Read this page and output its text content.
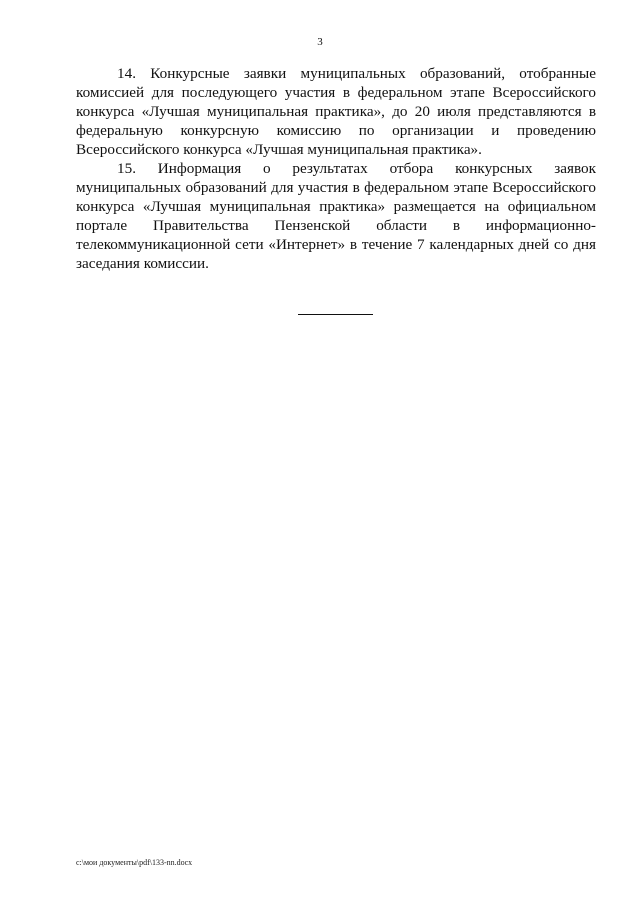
3

14. Конкурсные заявки муниципальных образований, отобранные комиссией для последующего участия в федеральном этапе Всероссийского конкурса «Лучшая муниципальная практика», до 20 июля представляются в федеральную конкурсную комиссию по организации и проведению Всероссийского конкурса «Лучшая муниципальная практика».

15. Информация о результатах отбора конкурсных заявок муниципальных образований для участия в федеральном этапе Всероссийского конкурса «Лучшая муниципальная практика» размещается на официальном портале Правительства Пензенской области в информационно-телекоммуникационной сети «Интернет» в течение 7 календарных дней со дня заседания комиссии.

c:\мои документы\pdf\133-nn.docx
